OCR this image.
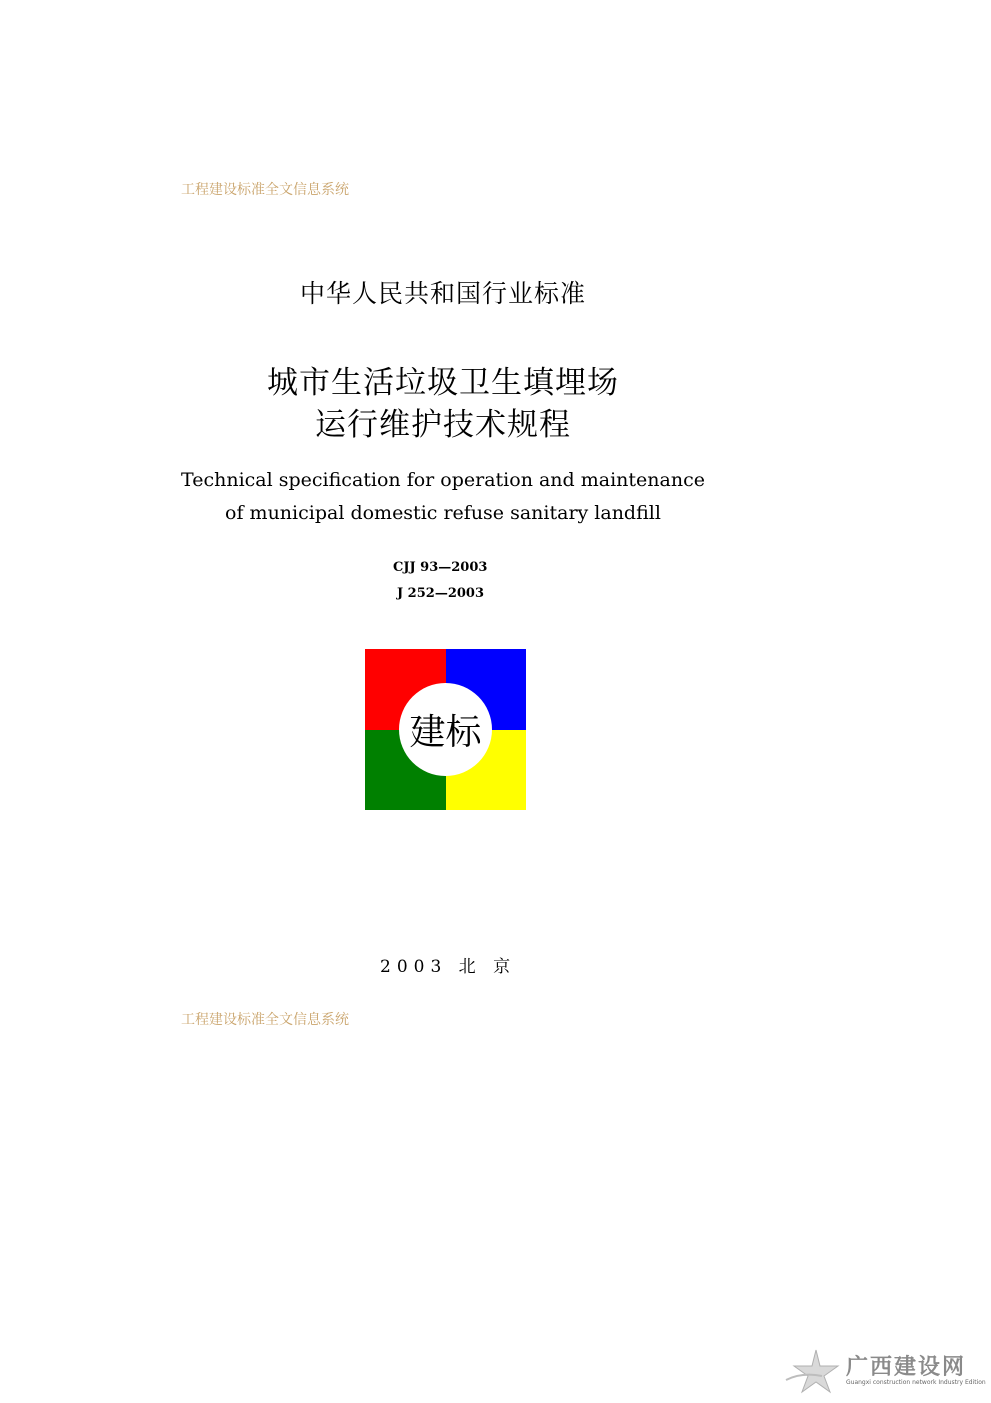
工程建设标准全文信息系统
中华人民共和国行业标准
城市生活垃圾卫生填埋场
运行维护技术规程
Technical specification for operation and maintenance
of municipal domestic refuse sanitary landfill
CJJ 93—2003
J 252—2003
建标
2003 北 京
工程建设标准全文信息系统
广西建设网
Guangxi construction network Industry Edition
